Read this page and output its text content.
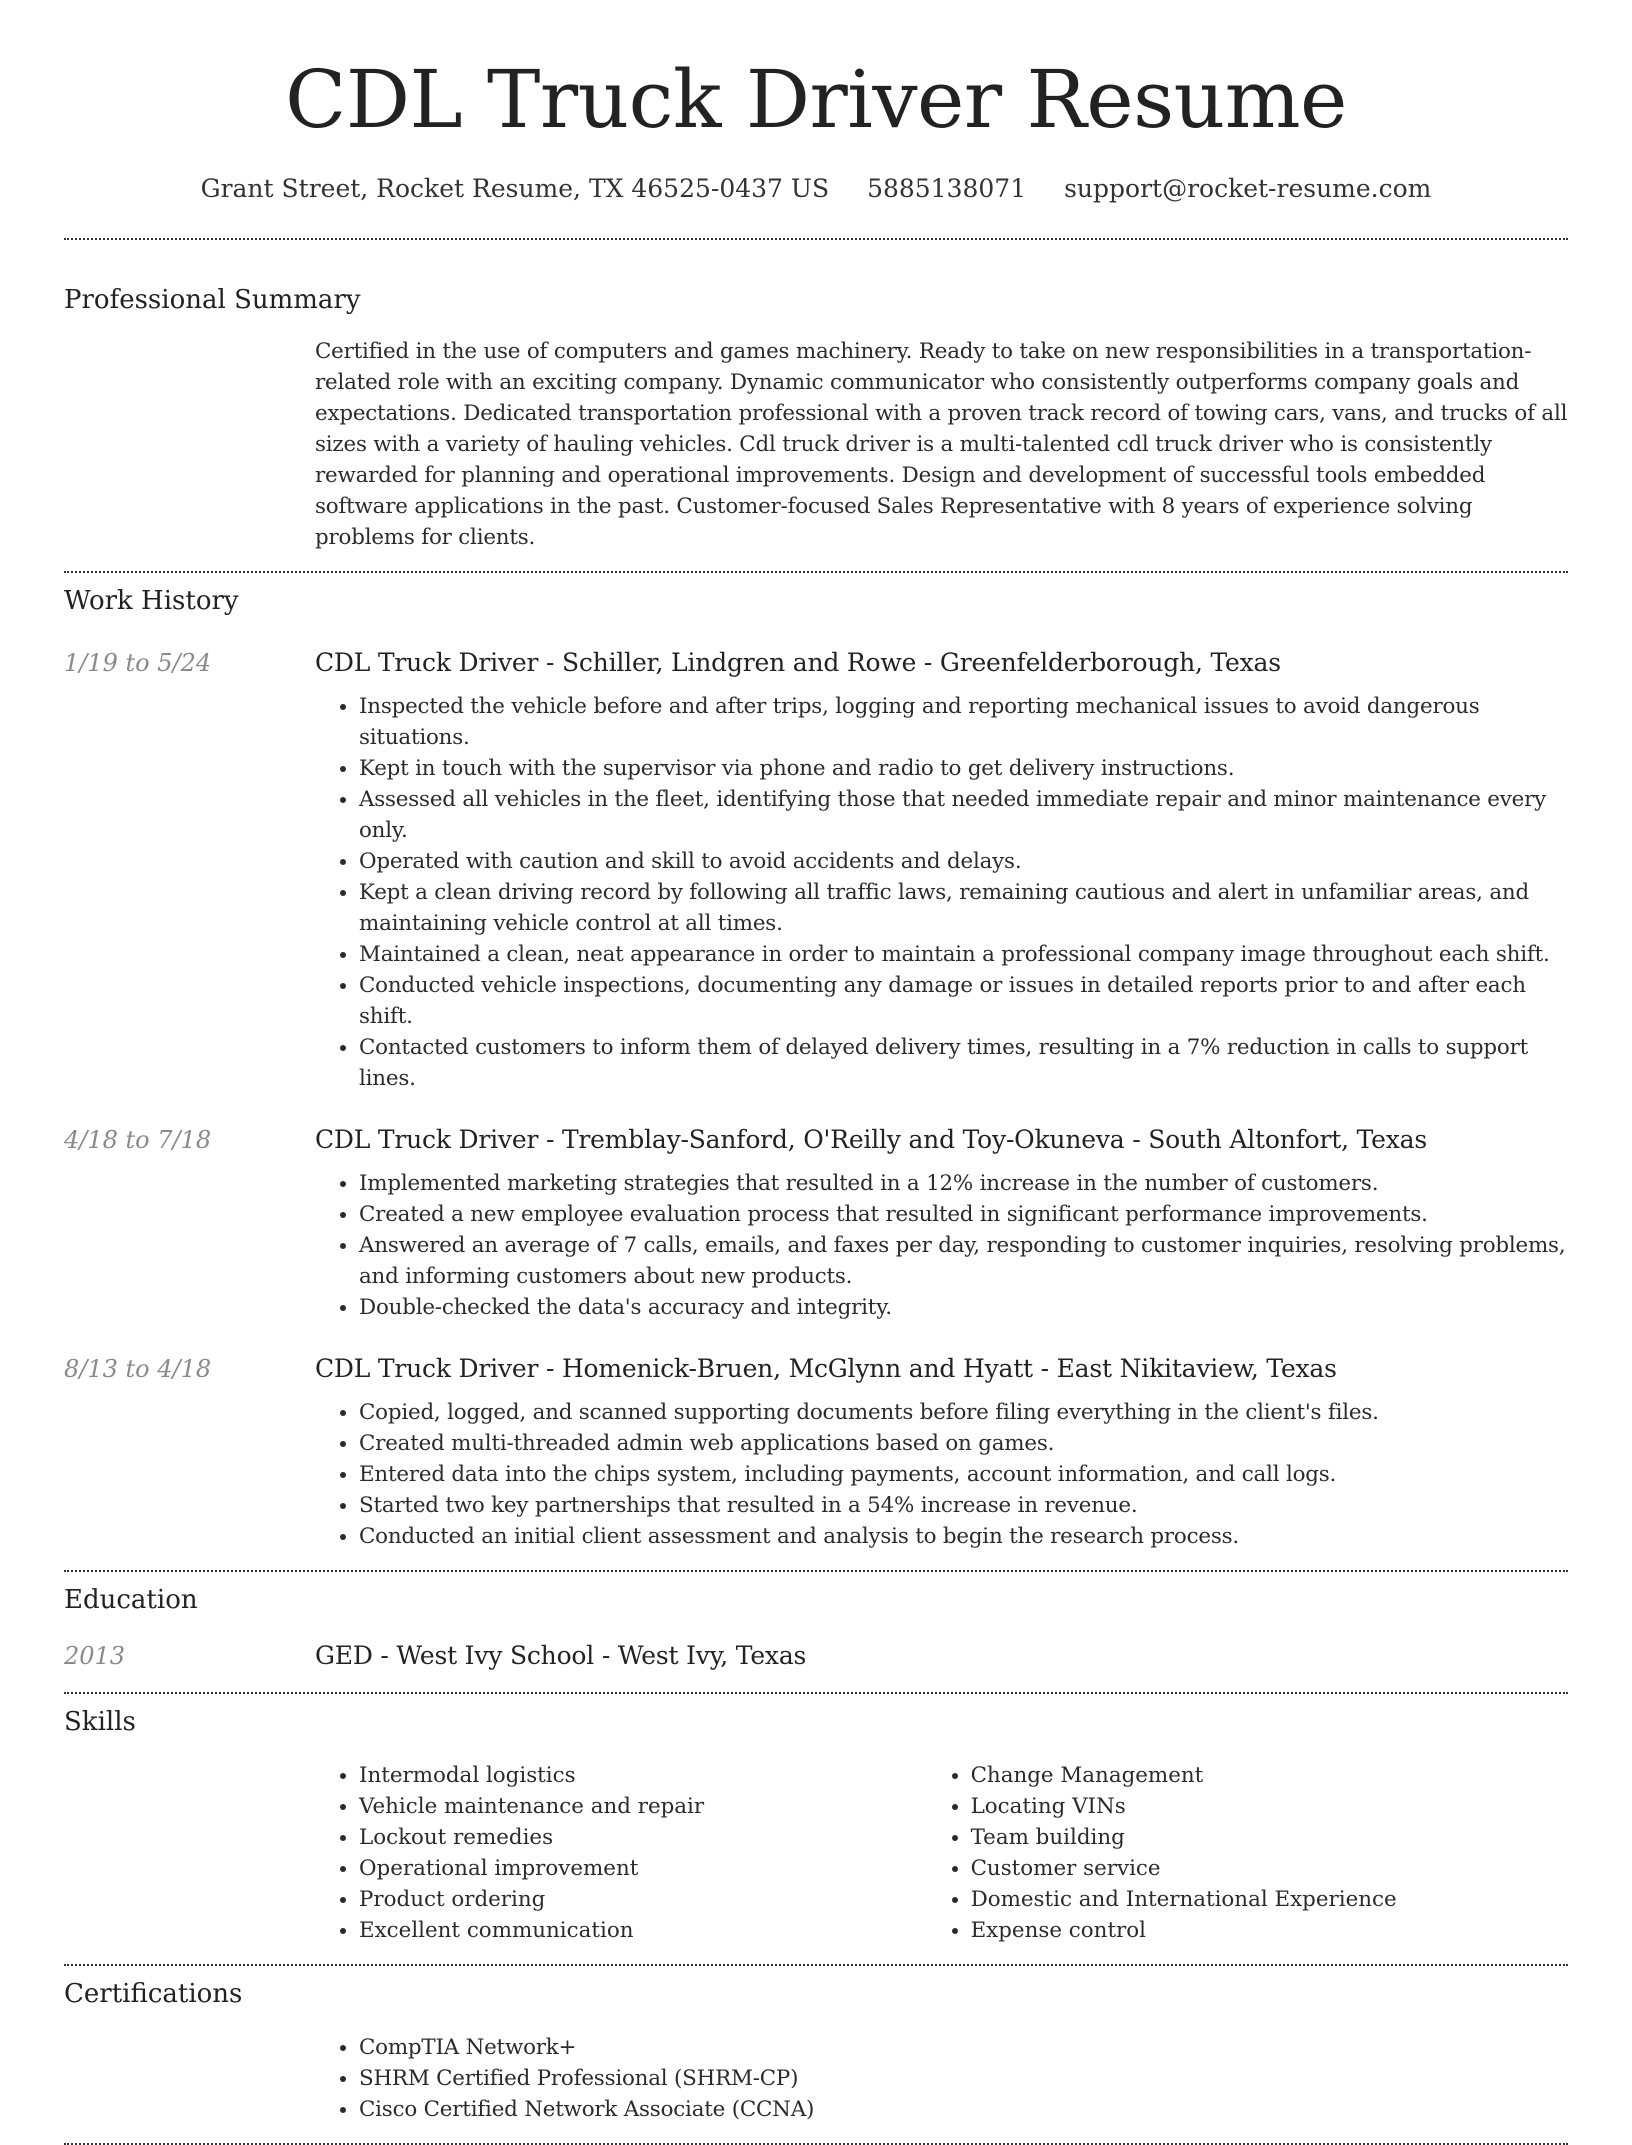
CDL Truck Driver Resume
Grant Street, Rocket Resume, TX 46525-0437 US 5885138071 support@rocket-resume.com
Professional Summary

Certified in the use of computers and games machinery. Ready to take on new responsibilities in a transportation-related role with an exciting company. Dynamic communicator who consistently outperforms company goals and expectations. Dedicated transportation professional with a proven track record of towing cars, vans, and trucks of all sizes with a variety of hauling vehicles. Cdl truck driver is a multi-talented cdl truck driver who is consistently rewarded for planning and operational improvements. Design and development of successful tools embedded software applications in the past. Customer-focused Sales Representative with 8 years of experience solving problems for clients.

Work History
1/19 to 5/24	CDL Truck Driver - Schiller, Lindgren and Rowe - Greenfelderborough, Texas
• Inspected the vehicle before and after trips, logging and reporting mechanical issues to avoid dangerous situations.
• Kept in touch with the supervisor via phone and radio to get delivery instructions.
• Assessed all vehicles in the fleet, identifying those that needed immediate repair and minor maintenance every only.
• Operated with caution and skill to avoid accidents and delays.
• Kept a clean driving record by following all traffic laws, remaining cautious and alert in unfamiliar areas, and maintaining vehicle control at all times.
• Maintained a clean, neat appearance in order to maintain a professional company image throughout each shift.
• Conducted vehicle inspections, documenting any damage or issues in detailed reports prior to and after each shift.
• Contacted customers to inform them of delayed delivery times, resulting in a 7% reduction in calls to support lines.
4/18 to 7/18	CDL Truck Driver - Tremblay-Sanford, O'Reilly and Toy-Okuneva - South Altonfort, Texas
• Implemented marketing strategies that resulted in a 12% increase in the number of customers.
• Created a new employee evaluation process that resulted in significant performance improvements.
• Answered an average of 7 calls, emails, and faxes per day, responding to customer inquiries, resolving problems, and informing customers about new products.
• Double-checked the data's accuracy and integrity.
8/13 to 4/18	CDL Truck Driver - Homenick-Bruen, McGlynn and Hyatt - East Nikitaview, Texas
• Copied, logged, and scanned supporting documents before filing everything in the client's files.
• Created multi-threaded admin web applications based on games.
• Entered data into the chips system, including payments, account information, and call logs.
• Started two key partnerships that resulted in a 54% increase in revenue.
• Conducted an initial client assessment and analysis to begin the research process.
Education
2013	GED - West Ivy School - West Ivy, Texas
Skills
• Intermodal logistics
• Vehicle maintenance and repair
• Lockout remedies
• Operational improvement
• Product ordering
• Excellent communication
• Change Management
• Locating VINs
• Team building
• Customer service
• Domestic and International Experience
• Expense control
Certifications
• CompTIA Network+
• SHRM Certified Professional (SHRM-CP)
• Cisco Certified Network Associate (CCNA)
